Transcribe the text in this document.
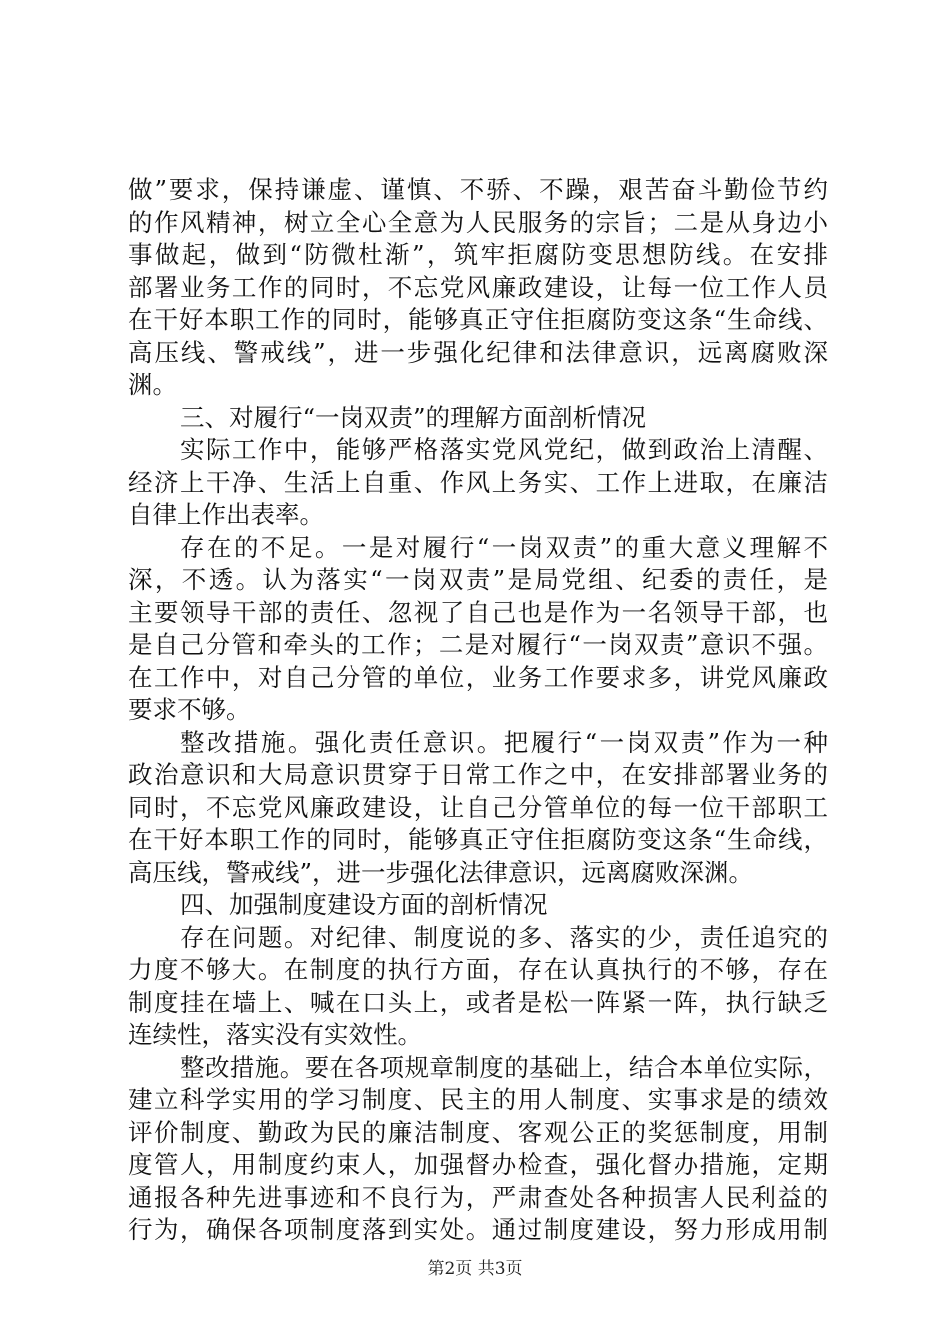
做”要求，保持谦虚、谨慎、不骄、不躁，艰苦奋斗勤俭节约
的作风精神，树立全心全意为人民服务的宗旨；二是从身边小
事做起，做到“防微杜渐”，筑牢拒腐防变思想防线。在安排
部署业务工作的同时，不忘党风廉政建设，让每一位工作人员
在干好本职工作的同时，能够真正守住拒腐防变这条“生命线、
高压线、警戒线”，进一步强化纪律和法律意识，远离腐败深
渊。
三、对履行“一岗双责”的理解方面剖析情况
实际工作中，能够严格落实党风党纪，做到政治上清醒、
经济上干净、生活上自重、作风上务实、工作上进取，在廉洁
自律上作出表率。
存在的不足。一是对履行“一岗双责”的重大意义理解不
深，不透。认为落实“一岗双责”是局党组、纪委的责任，是
主要领导干部的责任、忽视了自己也是作为一名领导干部，也
是自己分管和牵头的工作；二是对履行“一岗双责”意识不强。
在工作中，对自己分管的单位，业务工作要求多，讲党风廉政
要求不够。
整改措施。强化责任意识。把履行“一岗双责”作为一种
政治意识和大局意识贯穿于日常工作之中，在安排部署业务的
同时，不忘党风廉政建设，让自己分管单位的每一位干部职工
在干好本职工作的同时，能够真正守住拒腐防变这条“生命线，
高压线，警戒线”，进一步强化法律意识，远离腐败深渊。
四、加强制度建设方面的剖析情况
存在问题。对纪律、制度说的多、落实的少，责任追究的
力度不够大。在制度的执行方面，存在认真执行的不够，存在
制度挂在墙上、喊在口头上，或者是松一阵紧一阵，执行缺乏
连续性，落实没有实效性。
整改措施。要在各项规章制度的基础上，结合本单位实际，
建立科学实用的学习制度、民主的用人制度、实事求是的绩效
评价制度、勤政为民的廉洁制度、客观公正的奖惩制度，用制
度管人，用制度约束人，加强督办检查，强化督办措施，定期
通报各种先进事迹和不良行为，严肃查处各种损害人民利益的
行为，确保各项制度落到实处。通过制度建设，努力形成用制
第2页 共3页
